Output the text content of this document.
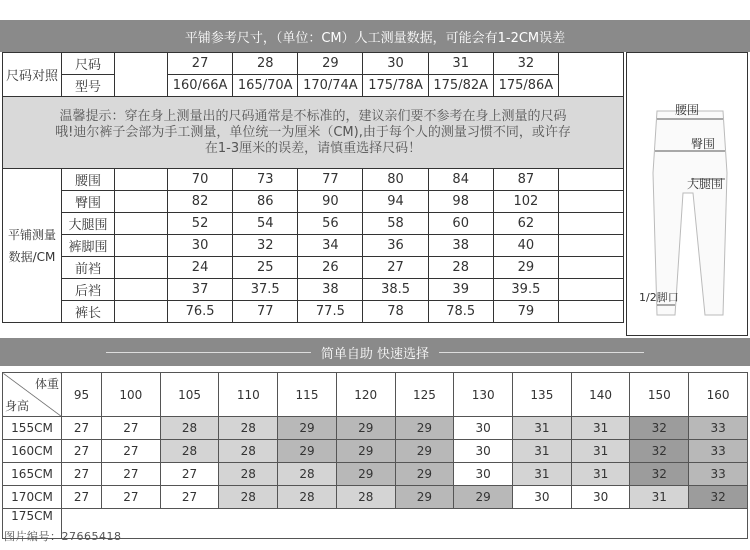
平铺参考尺寸，（单位：CM）人工测量数据，可能会有1-2CM误差
尺码对照	尺码		27	28	29	30	31	32	
	型号		160/66A	165/70A	170/74A	175/78A	175/82A	175/86A	
温馨提示：穿在身上测量出的尺码通常是不标准的，建议亲们要不参考在身上测量的尺码哦!迪尔裤子会部为手工测量，单位统一为厘米（CM),由于每个人的测量习惯不同，或许存在1-3厘米的误差，请慎重选择尺码！									
平铺测量数据/CM	腰围		70	73	77	80	84	87	
	臀围		82	86	90	94	98	102	
	大腿围		52	54	56	58	60	62	
	裤脚围		30	32	34	36	38	40	
	前裆		24	25	26	27	28	29	
	后裆		37	37.5	38	38.5	39	39.5	
	裤长		76.5	77	77.5	78	78.5	79	
腰围
臀围
大腿围
1/2脚口
简单自助 快速选择
体重
身高	95	100	105	110	115	120	125	130	135	140	150	160
155CM	27	27	28	28	29	29	29	30	31	31	32	33
160CM	27	27	28	28	29	29	29	30	31	31	32	33
165CM	27	27	27	28	28	29	29	30	31	31	32	33
170CM	27	27	27	28	28	28	29	29	30	30	31	32
175CM												
图片编号：27665418
